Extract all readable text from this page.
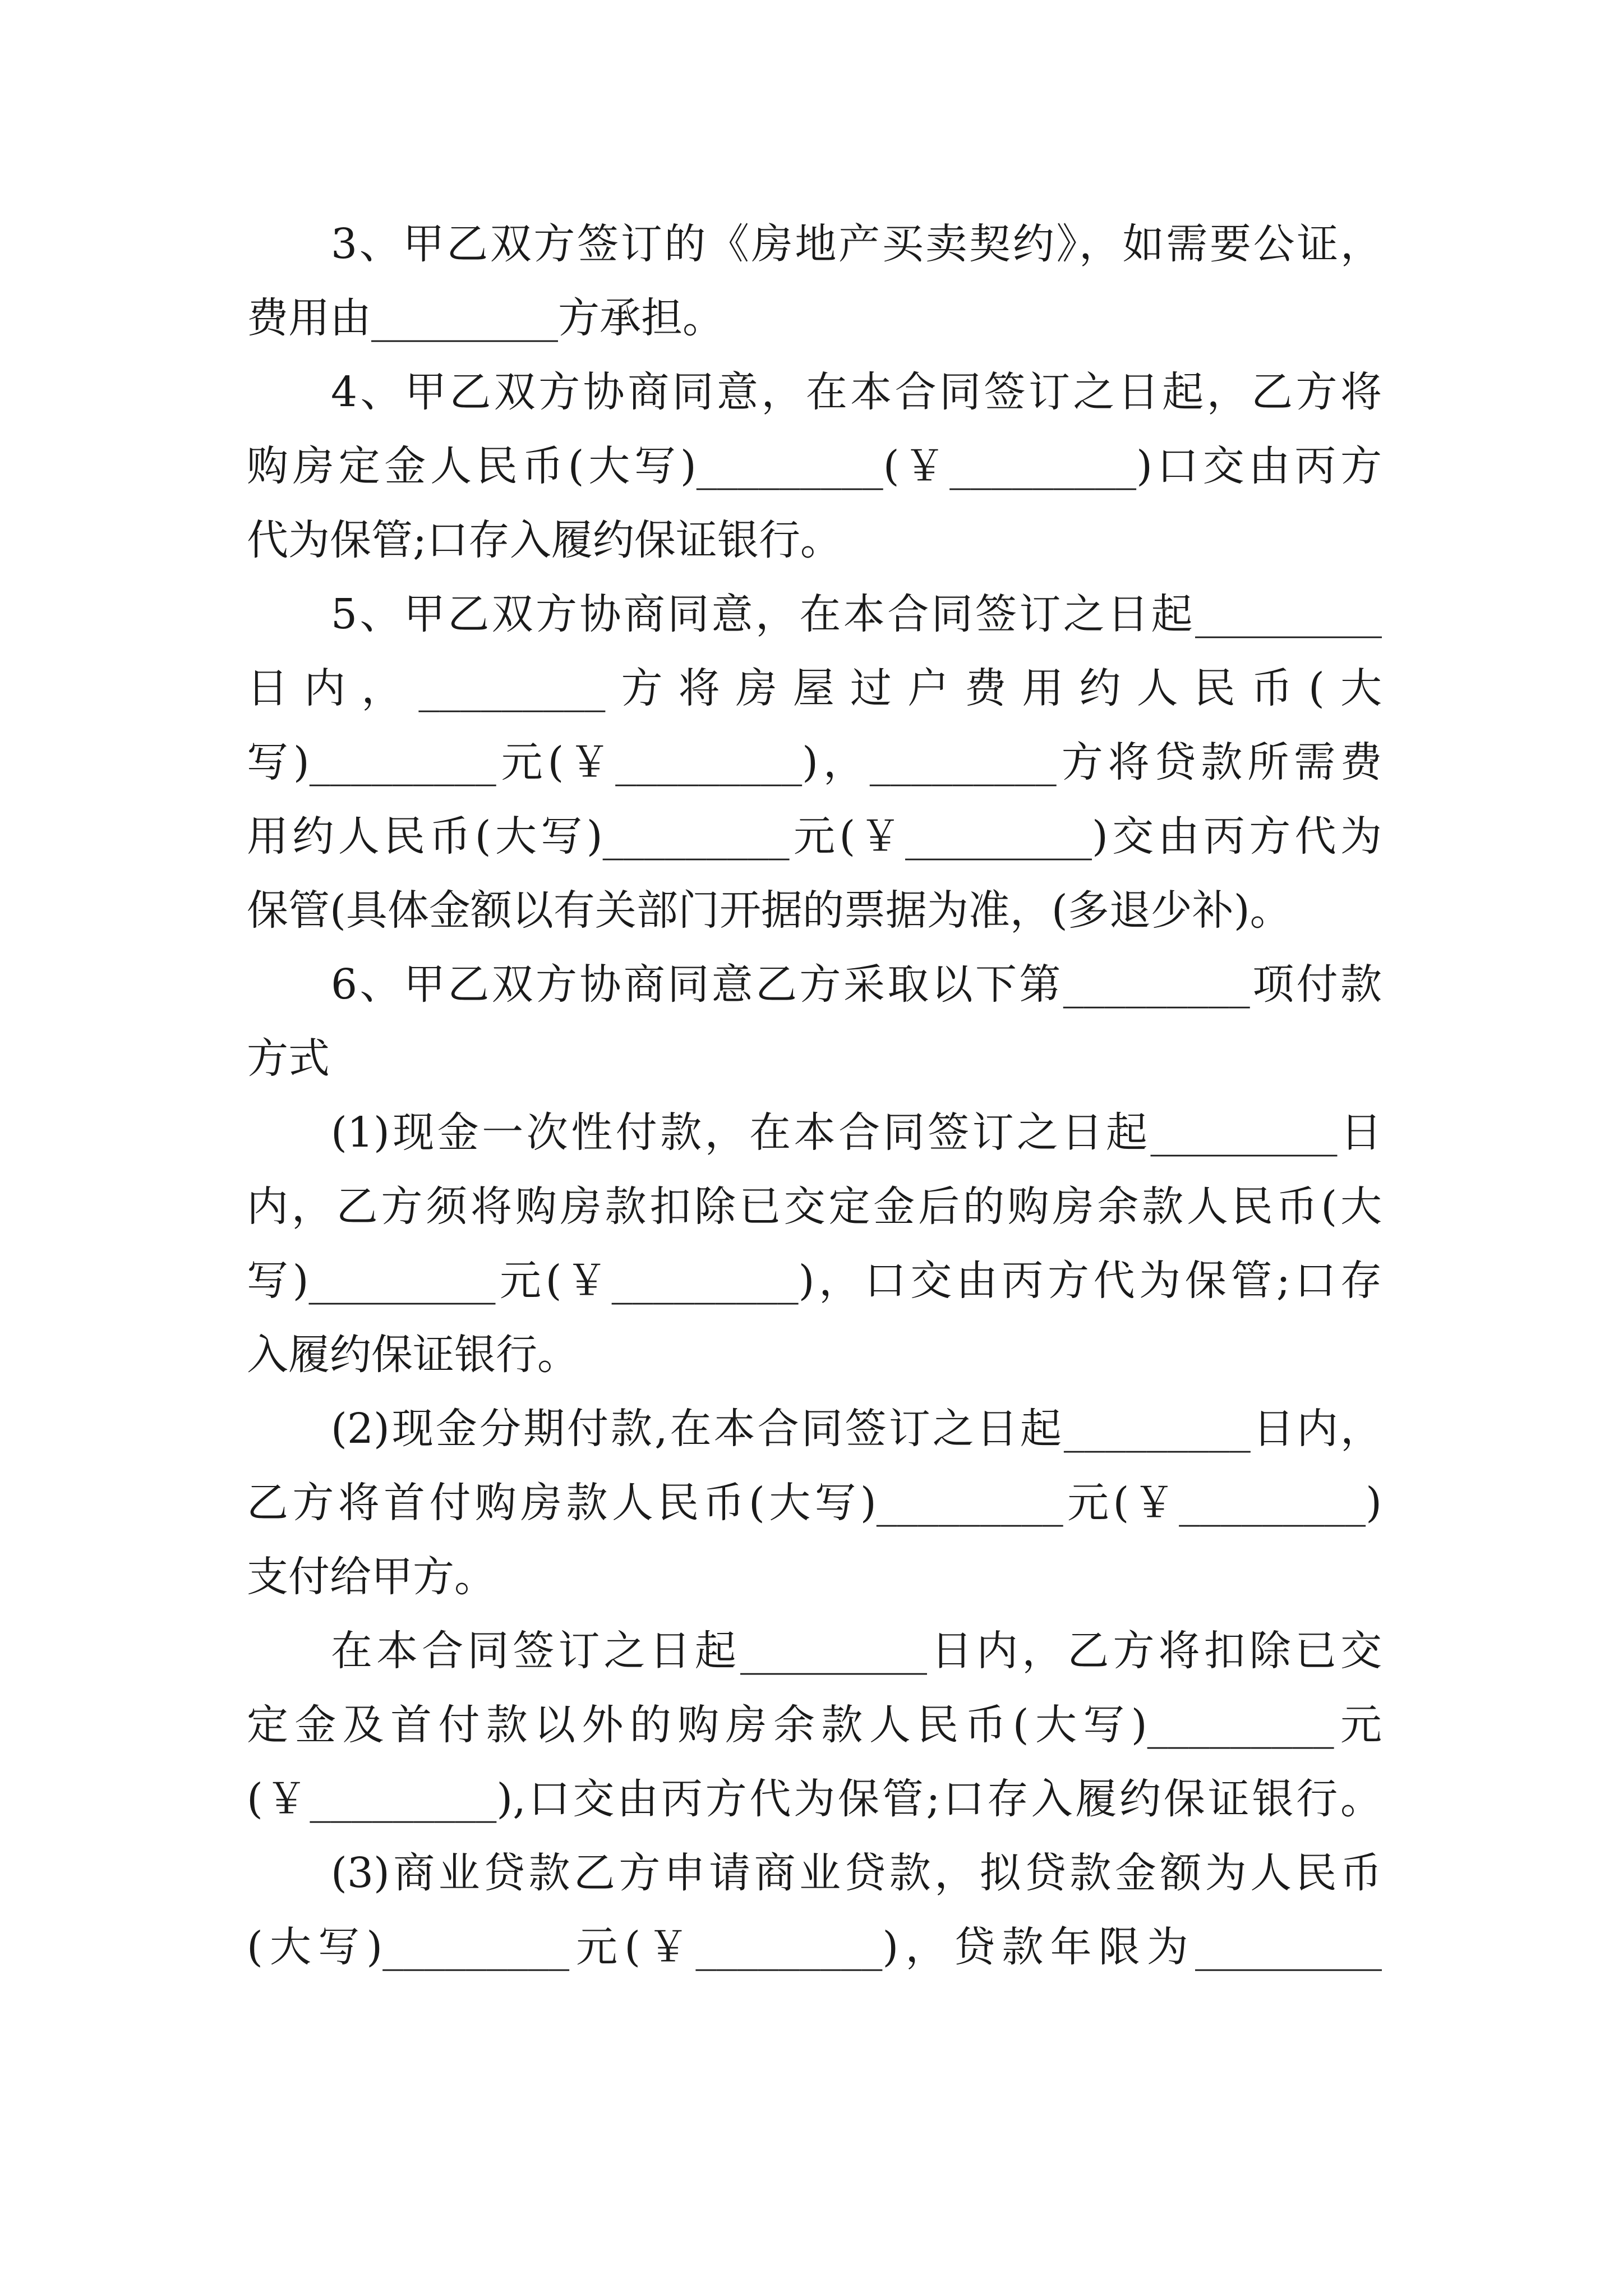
3、甲乙双方签订的《房地产买卖契约》，如需要公证，

费用由_________方承担。

4、甲乙双方协商同意，在本合同签订之日起，乙方将

购房定金人民币(大写)_________(￥_________)口交由丙方

代为保管;口存入履约保证银行。

5、甲乙双方协商同意，在本合同签订之日起_________

日内，_________方将房屋过户费用约人民币(大

写)_________元(￥_________)，_________方将贷款所需费

用约人民币(大写)_________元(￥_________)交由丙方代为

保管(具体金额以有关部门开据的票据为准，(多退少补)。

6、甲乙双方协商同意乙方采取以下第_________项付款

方式

(1)现金一次性付款，在本合同签订之日起_________日

内，乙方须将购房款扣除已交定金后的购房余款人民币(大

写)_________元(￥_________)，口交由丙方代为保管;口存

入履约保证银行。

(2)现金分期付款,在本合同签订之日起_________日内，

乙方将首付购房款人民币(大写)_________元(￥_________)

支付给甲方。

在本合同签订之日起_________日内，乙方将扣除已交

定金及首付款以外的购房余款人民币(大写)_________元

(￥_________),口交由丙方代为保管;口存入履约保证银行。

(3)商业贷款乙方申请商业贷款，拟贷款金额为人民币

(大写)_________元(￥_________)，贷款年限为_________
